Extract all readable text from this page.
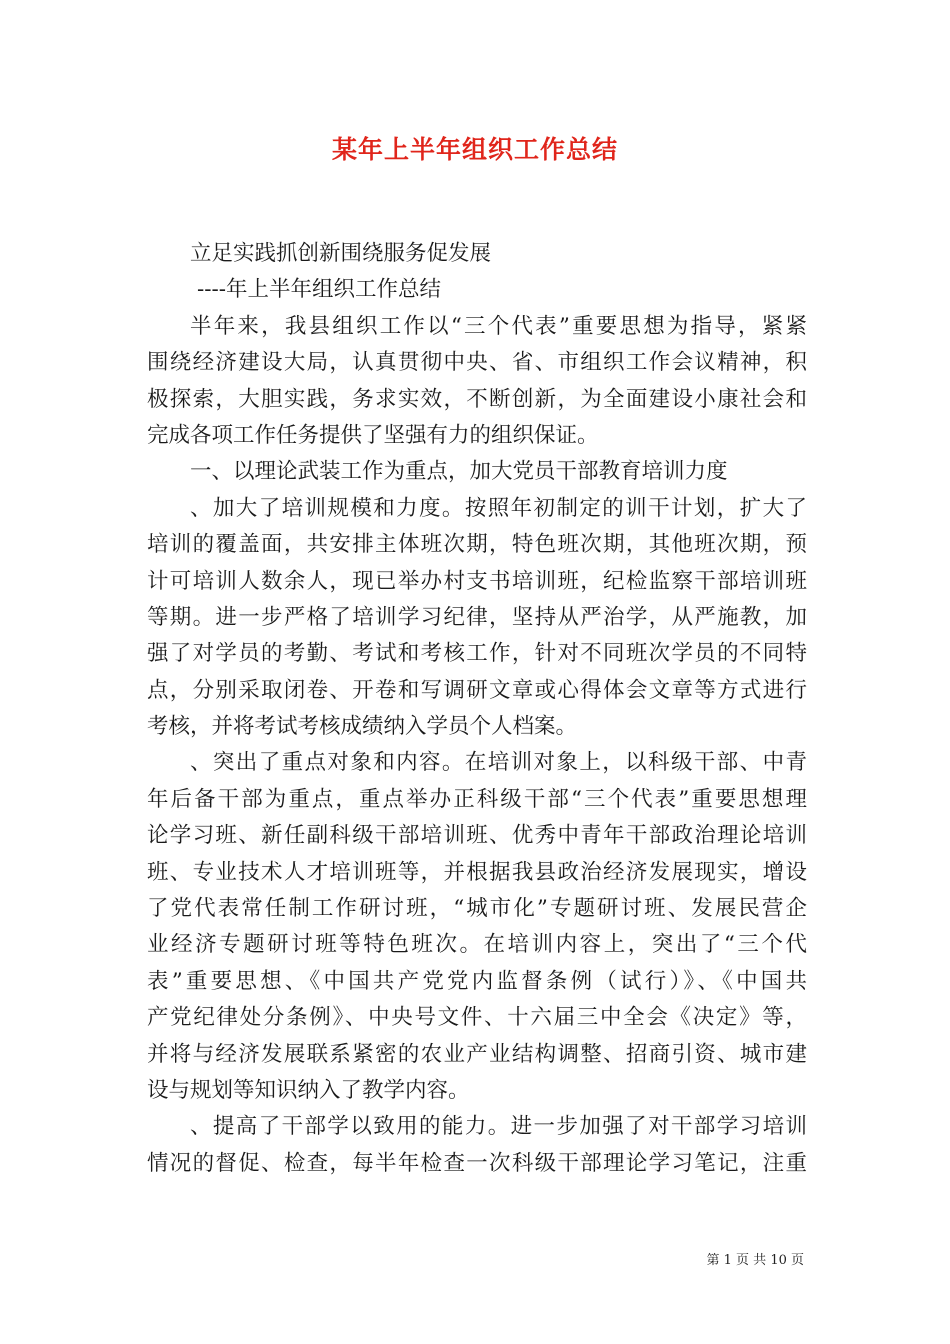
某年上半年组织工作总结
立足实践抓创新围绕服务促发展
----年上半年组织工作总结
半年来，我县组织工作以“三个代表”重要思想为指导，紧紧
围绕经济建设大局，认真贯彻中央、省、市组织工作会议精神，积
极探索，大胆实践，务求实效，不断创新，为全面建设小康社会和
完成各项工作任务提供了坚强有力的组织保证。
一、以理论武装工作为重点，加大党员干部教育培训力度
、加大了培训规模和力度。按照年初制定的训干计划，扩大了
培训的覆盖面，共安排主体班次期，特色班次期，其他班次期，预
计可培训人数余人，现已举办村支书培训班，纪检监察干部培训班
等期。进一步严格了培训学习纪律，坚持从严治学，从严施教，加
强了对学员的考勤、考试和考核工作，针对不同班次学员的不同特
点，分别采取闭卷、开卷和写调研文章或心得体会文章等方式进行
考核，并将考试考核成绩纳入学员个人档案。
、突出了重点对象和内容。在培训对象上，以科级干部、中青
年后备干部为重点，重点举办正科级干部“三个代表”重要思想理
论学习班、新任副科级干部培训班、优秀中青年干部政治理论培训
班、专业技术人才培训班等，并根据我县政治经济发展现实，增设
了党代表常任制工作研讨班，“城市化”专题研讨班、发展民营企
业经济专题研讨班等特色班次。在培训内容上，突出了“三个代
表”重要思想、《中国共产党党内监督条例（试行）》、《中国共
产党纪律处分条例》、中央号文件、十六届三中全会《决定》等，
并将与经济发展联系紧密的农业产业结构调整、招商引资、城市建
设与规划等知识纳入了教学内容。
、提高了干部学以致用的能力。进一步加强了对干部学习培训
情况的督促、检查，每半年检查一次科级干部理论学习笔记，注重
第 1 页 共 10 页
